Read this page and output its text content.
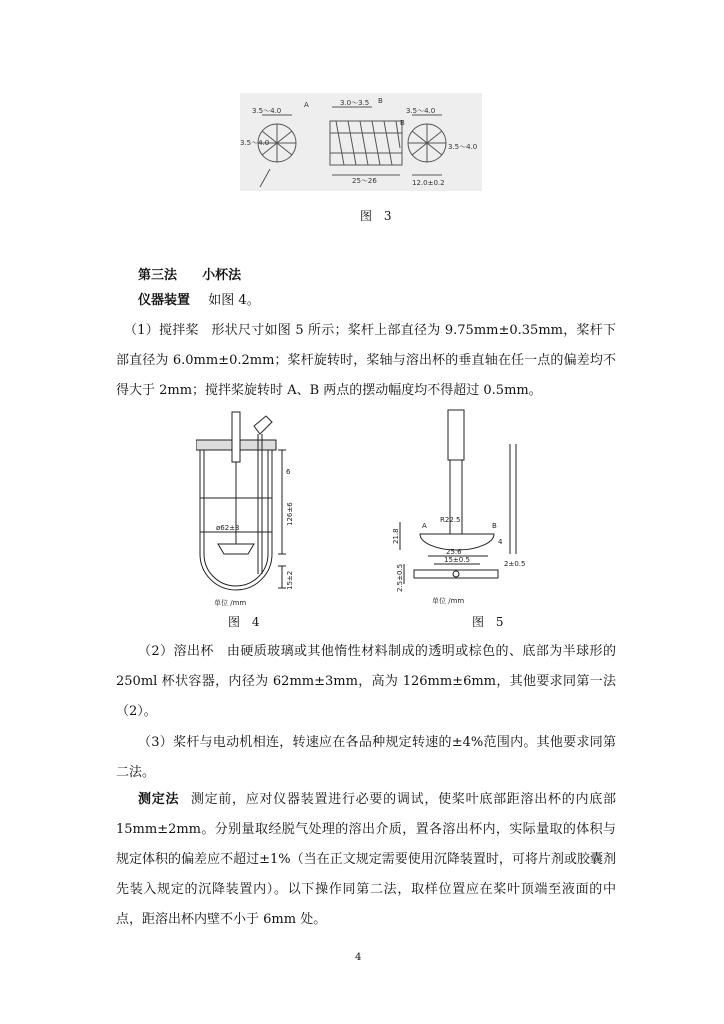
3.5～4.0
A	3.0～3.5 B
3.5～4.0
B
3.5～4.0	3.5～4.0
25～26	12.0±0.2
图 3
第三法 小杯法
仪器装置 如图 4。
（1）搅拌桨 形状尺寸如图 5 所示；桨杆上部直径为 9.75mm±0.35mm，桨杆下部直径为 6.0mm±0.2mm；桨杆旋转时，桨轴与溶出杯的垂直轴在任一点的偏差均不得大于 2mm；搅拌桨旋转时 A、B 两点的摆动幅度均不得超过 0.5mm。
ø62±3
6
126±6
15±2
单位 /mm
图 4
A	B
R22.5
21.8	4
25.6
15±0.5	2±0.5
2.5±0.5
单位 /mm
图 5
（2）溶出杯 由硬质玻璃或其他惰性材料制成的透明或棕色的、底部为半球形的 250ml 杯状容器，内径为 62mm±3mm，高为 126mm±6mm，其他要求同第一法（2）。
（3）桨杆与电动机相连，转速应在各品种规定转速的±4%范围内。其他要求同第二法。
测定法 测定前，应对仪器装置进行必要的调试，使桨叶底部距溶出杯的内底部 15mm±2mm。分别量取经脱气处理的溶出介质，置各溶出杯内，实际量取的体积与规定体积的偏差应不超过±1%（当在正文规定需要使用沉降装置时，可将片剂或胶囊剂先装入规定的沉降装置内）。以下操作同第二法，取样位置应在桨叶顶端至液面的中点，距溶出杯内壁不小于 6mm 处。
4
